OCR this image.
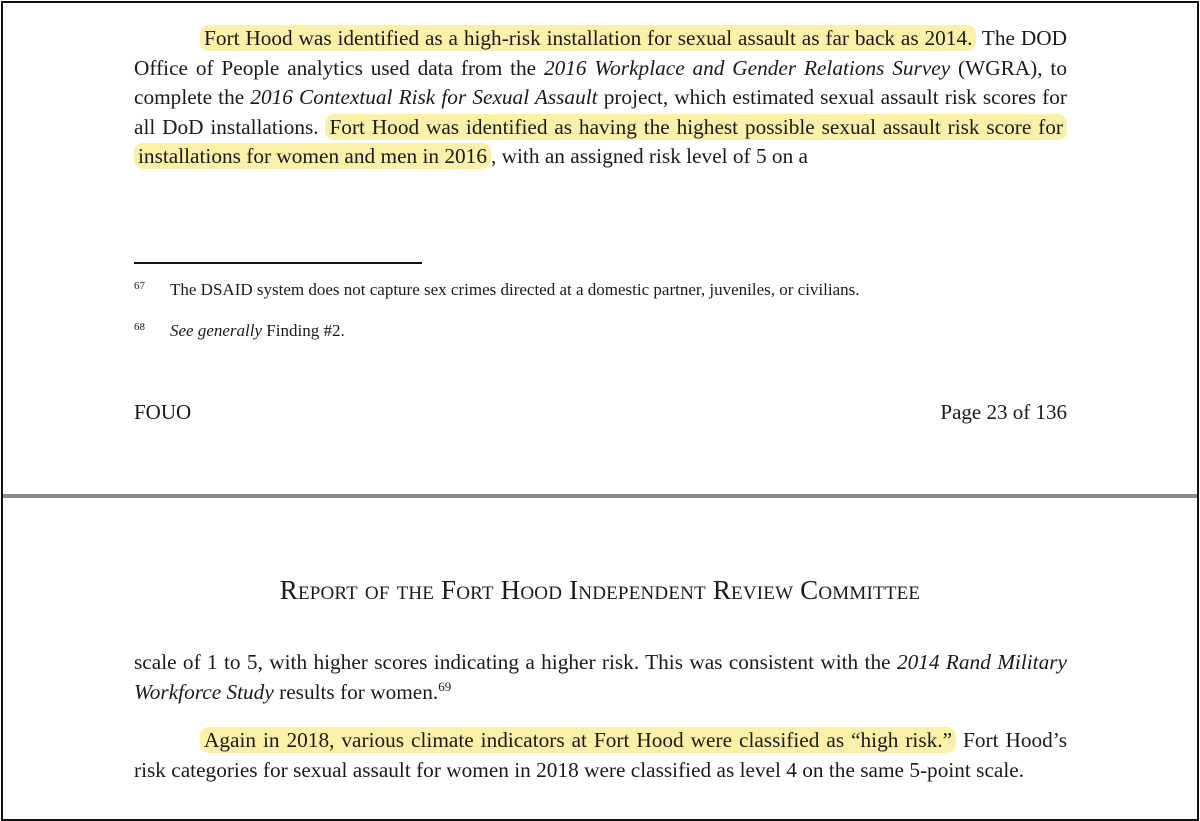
Fort Hood was identified as a high-risk installation for sexual assault as far back as 2014. The DOD Office of People analytics used data from the 2016 Workplace and Gender Relations Survey (WGRA), to complete the 2016 Contextual Risk for Sexual Assault project, which estimated sexual assault risk scores for all DoD installations. Fort Hood was identified as having the highest possible sexual assault risk score for installations for women and men in 2016 , with an assigned risk level of 5 on a

67 The DSAID system does not capture sex crimes directed at a domestic partner, juveniles, or civilians.
68 See generally Finding #2.
FOUO	Page 23 of 136
Report of the Fort Hood Independent Review Committee

scale of 1 to 5, with higher scores indicating a higher risk. This was consistent with the 2014 Rand Military Workforce Study results for women.$^{69}$

Again in 2018, various climate indicators at Fort Hood were classified as “high risk.” Fort Hood’s risk categories for sexual assault for women in 2018 were classified as level 4 on the same 5-point scale.
